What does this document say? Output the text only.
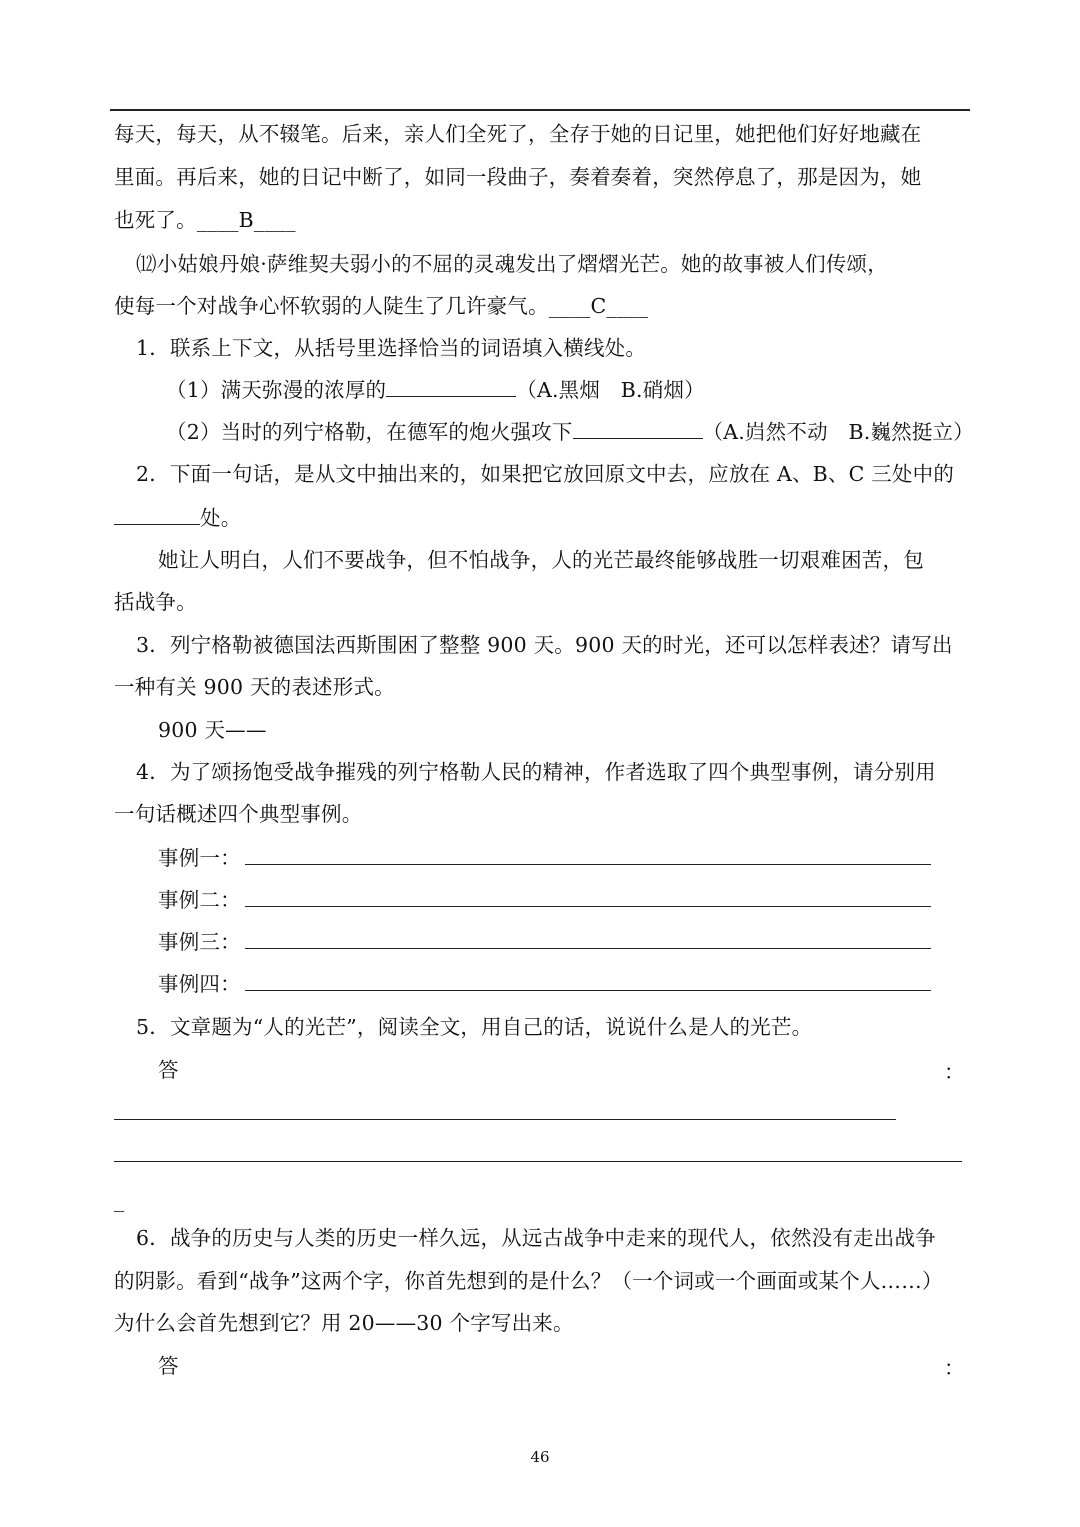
每天，每天，从不辍笔。后来，亲人们全死了，全存于她的日记里，她把他们好好地藏在
里面。再后来，她的日记中断了，如同一段曲子，奏着奏着，突然停息了，那是因为，她
也死了。____B____
⑿小姑娘丹娘·萨维契夫弱小的不屈的灵魂发出了熠熠光芒。她的故事被人们传颂，
使每一个对战争心怀软弱的人陡生了几许豪气。____C____
1．联系上下文，从括号里选择恰当的词语填入横线处。
（1）满天弥漫的浓厚的	（A.黑烟　B.硝烟）
（2）当时的列宁格勒，在德军的炮火强攻下	（A.岿然不动　B.巍然挺立）
2．下面一句话，是从文中抽出来的，如果把它放回原文中去，应放在 A、B、C 三处中的
处。
她让人明白，人们不要战争，但不怕战争，人的光芒最终能够战胜一切艰难困苦，包
括战争。
3．列宁格勒被德国法西斯围困了整整 900 天。900 天的时光，还可以怎样表述？请写出
一种有关 900 天的表述形式。
900 天——
4．为了颂扬饱受战争摧残的列宁格勒人民的精神，作者选取了四个典型事例，请分别用
一句话概述四个典型事例。
事例一：
事例二：
事例三：
事例四：
5．文章题为“人的光芒”，阅读全文，用自己的话，说说什么是人的光芒。
答	：
_
6．战争的历史与人类的历史一样久远，从远古战争中走来的现代人，依然没有走出战争
的阴影。看到“战争”这两个字，你首先想到的是什么？（一个词或一个画面或某个人……）
为什么会首先想到它？用 20——30 个字写出来。
答	：
46
